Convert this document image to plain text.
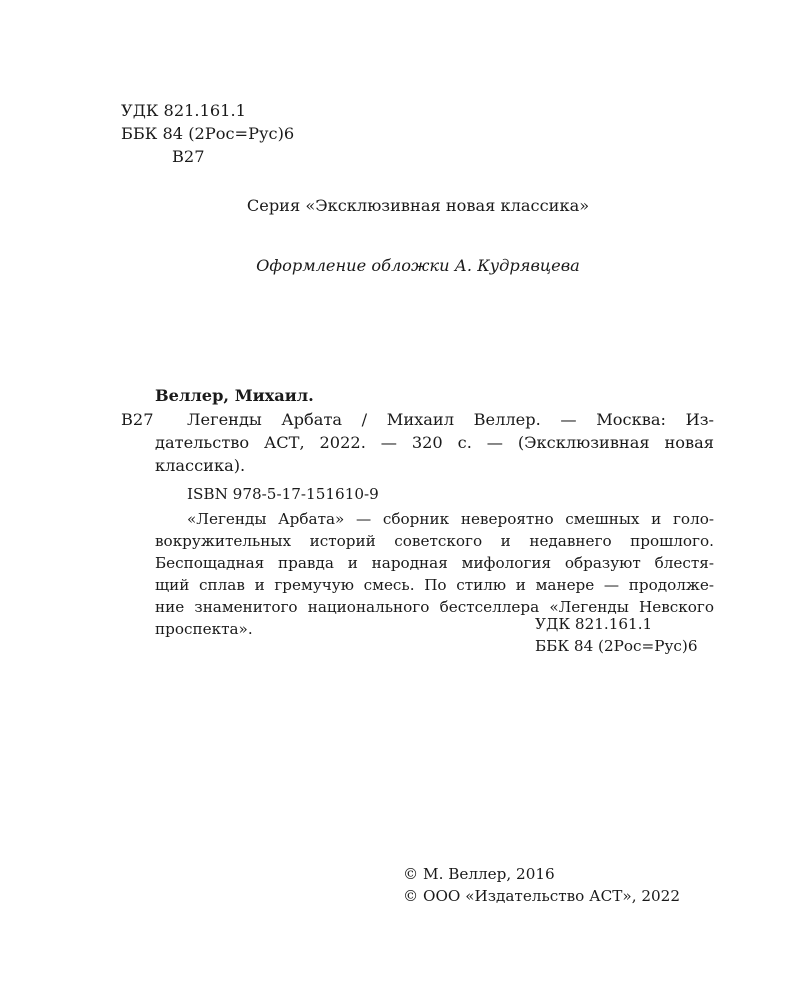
УДК 821.161.1
ББК 84 (2Рос=Рус)6
В27
Серия «Эксклюзивная новая классика»
Оформление обложки А. Кудрявцева
Веллер, Михаил.
В27 Легенды Арбата / Михаил Веллер. — Москва: Из-
дательство АСТ, 2022. — 320 с. — (Эксклюзивная новая
классика).
ISBN 978-5-17-151610-9
«Легенды Арбата» — сборник невероятно смешных и голо-
вокружительных историй советского и недавнего прошлого.
Беспощадная правда и народная мифология образуют блестя-
щий сплав и гремучую смесь. По стилю и манере — продолже-
ние знаменитого национального бестселлера «Легенды Невского
проспекта».	УДК 821.161.1
ББК 84 (2Рос=Рус)6
© М. Веллер, 2016
© ООО «Издательство АСТ», 2022
